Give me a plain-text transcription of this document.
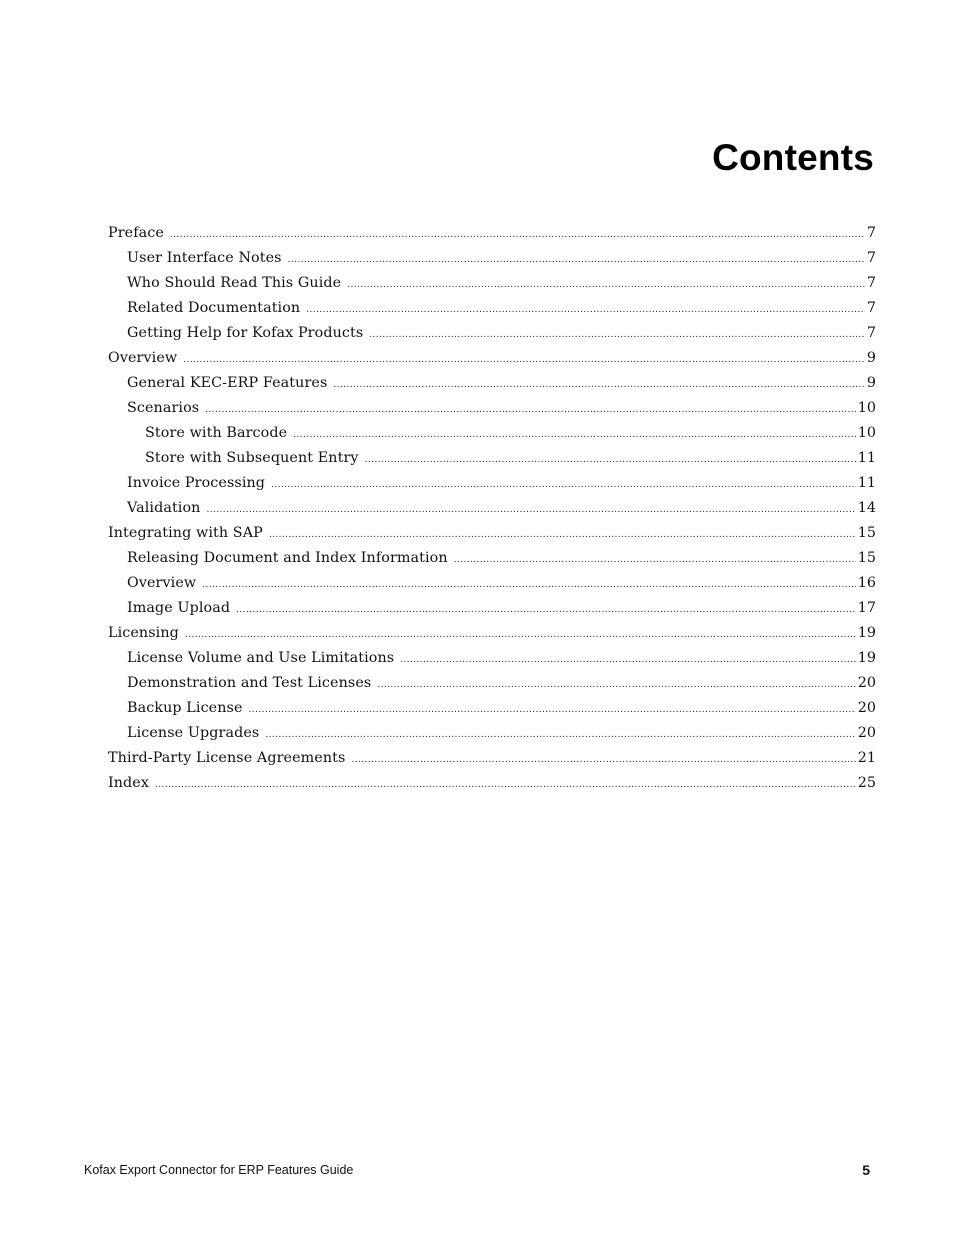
Contents
Preface .....	7
User Interface Notes .....	7
Who Should Read This Guide .....	7
Related Documentation .....	7
Getting Help for Kofax Products .....	7
Overview .....	9
General KEC-ERP Features .....	9
Scenarios .....	10
Store with Barcode .....	10
Store with Subsequent Entry .....	11
Invoice Processing .....	11
Validation .....	14
Integrating with SAP .....	15
Releasing Document and Index Information .....	15
Overview .....	16
Image Upload .....	17
Licensing .....	19
License Volume and Use Limitations .....	19
Demonstration and Test Licenses .....	20
Backup License .....	20
License Upgrades .....	20
Third-Party License Agreements .....	21
Index .....	25
Kofax Export Connector for ERP Features Guide	5
